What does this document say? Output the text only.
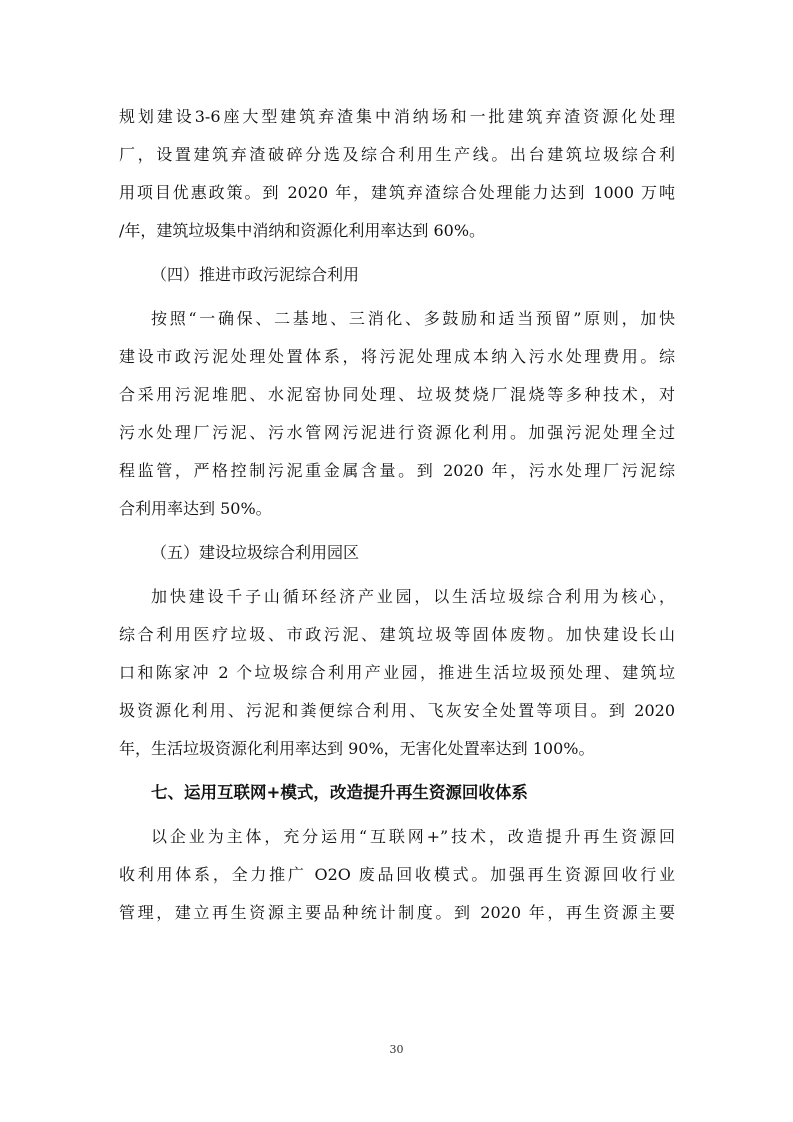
规划建设3-6座大型建筑弃渣集中消纳场和一批建筑弃渣资源化处理
厂，设置建筑弃渣破碎分选及综合利用生产线。出台建筑垃圾综合利
用项目优惠政策。到 2020 年，建筑弃渣综合处理能力达到 1000 万吨
/年，建筑垃圾集中消纳和资源化利用率达到 60%。
（四）推进市政污泥综合利用
按照“一确保、二基地、三消化、多鼓励和适当预留”原则，加快
建设市政污泥处理处置体系，将污泥处理成本纳入污水处理费用。综
合采用污泥堆肥、水泥窑协同处理、垃圾焚烧厂混烧等多种技术，对
污水处理厂污泥、污水管网污泥进行资源化利用。加强污泥处理全过
程监管，严格控制污泥重金属含量。到 2020 年，污水处理厂污泥综
合利用率达到 50%。
（五）建设垃圾综合利用园区
加快建设千子山循环经济产业园，以生活垃圾综合利用为核心，
综合利用医疗垃圾、市政污泥、建筑垃圾等固体废物。加快建设长山
口和陈家冲 2 个垃圾综合利用产业园，推进生活垃圾预处理、建筑垃
圾资源化利用、污泥和粪便综合利用、飞灰安全处置等项目。到 2020
年，生活垃圾资源化利用率达到 90%，无害化处置率达到 100%。
七、运用互联网+模式，改造提升再生资源回收体系
以企业为主体，充分运用“互联网+”技术，改造提升再生资源回
收利用体系，全力推广 O2O 废品回收模式。加强再生资源回收行业
管理，建立再生资源主要品种统计制度。到 2020 年，再生资源主要
30
